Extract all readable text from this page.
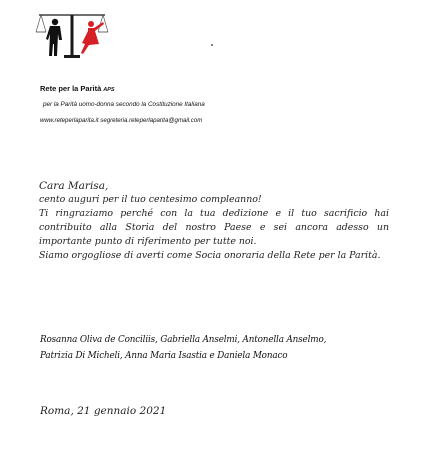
Rete per la Parità APS
per la Parità uomo-donna secondo la Costituzione Italiana
www.reteperlaparita.it segreteria.reteperlaparita@gmail.com

Cara Marisa,

cento auguri per il tuo centesimo compleanno!

Ti ringraziamo perché con la tua dedizione e il tuo sacrificio hai contribuito alla Storia del nostro Paese e sei ancora adesso un importante punto di riferimento per tutte noi.

Siamo orgogliose di averti come Socia onoraria della Rete per la Parità.

Rosanna Oliva de Conciliis, Gabriella Anselmi, Antonella Anselmo,
Patrizia Di Micheli, Anna Maria Isastia e Daniela Monaco
Roma, 21 gennaio 2021
